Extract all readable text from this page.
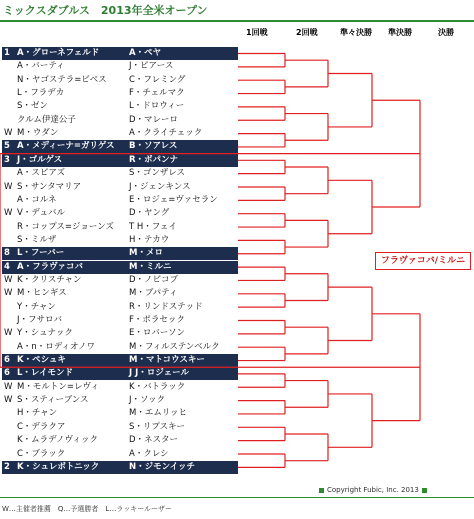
ミックスダブルス　2013年全米オープン
1回戦	2回戦	準々決勝 準決勝	決勝
1 A・グローネフェルド	A・ペヤ
A・バーティ	J・ピアース
N・ヤゴステラ=ビベス	C・フレミング
L・フラデカ	F・チェルマク
S・ゼン	L・ドロウィー
クルム伊達公子	D・マレーロ
W M・ウダン	A・クライチェック
5 A・メディーナ=ガリゲス B・ソアレス
3 J・ゴルゲス	R・ボパンナ
A・スピアズ	S・ゴンザレス
W S・サンタマリア	J・ジェンキンス
A・コルネ	E・ロジェ=ヴァセラン
W V・デュバル	D・ヤング
R・コップス=ジョーンズ T H・フェイ
S・ミルザ	H・テカウ
8 L・フーバー	M・メロ
4 A・フラヴァコバ	M・ミルニ
W K・クリスチャン	D・ノビコブ
W M・ヒンギス	M・ブパティ
Y・チャン	R・リンドステッド
J・フサロバ	F・ポラセック
W Y・シュナック	E・ロバーソン
A・n・ロディオノワ	M・フィルステンベルク
6 K・ペシュキ	M・マトコウスキー
6 L・レイモンド	J J・ロジェール
W M・モルトン=レヴィ	K・バトラック
W S・スティーブンス	J・ソック
H・チャン	M・エムリッヒ
C・デラクア	S・リプスキー
K・ムラデノヴィック	D・ネスター
C・ブラック	A・クレシ
2 K・シュレボトニック	N・ジモンイッチ
フラヴァコバ/ミルニ
Copyright Fubic, Inc. 2013
W…主催者推薦　Q…予選勝者　L…ラッキールーザー
